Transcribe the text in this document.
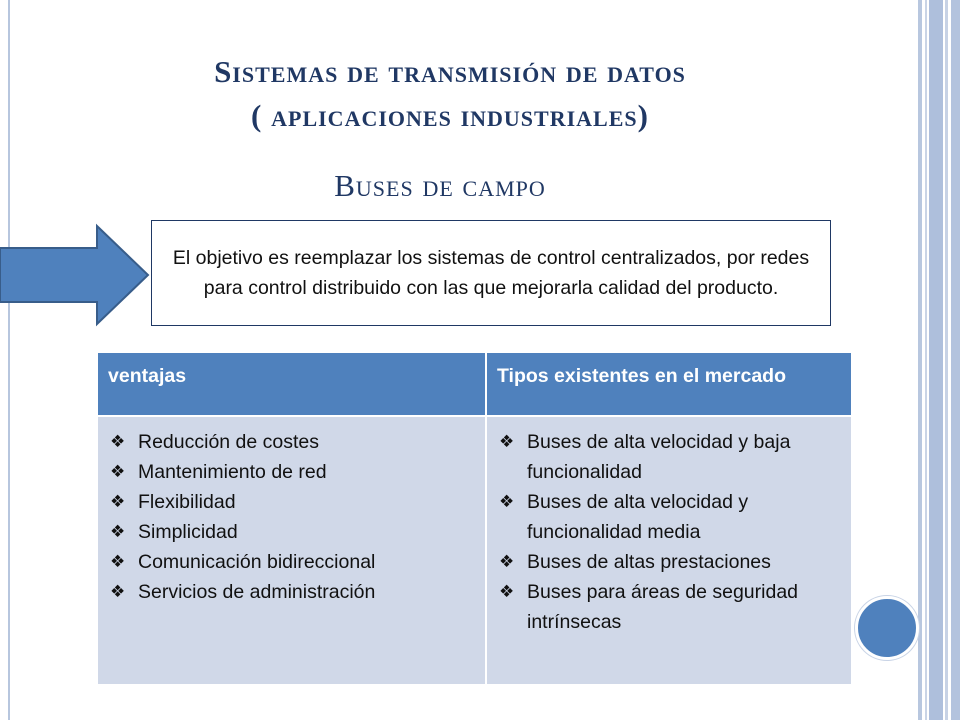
Sistemas de transmisión de datos
( aplicaciones industriales)
Buses de campo
El objetivo es reemplazar los sistemas de control centralizados, por redes para control distribuido con las que mejorarla calidad del producto.
ventajas	Tipos existentes en el mercado
❖ Reducción de costes
❖ Mantenimiento de red
❖ Flexibilidad
❖ Simplicidad
❖ Comunicación bidireccional
❖ Servicios de administración
❖ Buses de alta velocidad y baja funcionalidad
❖ Buses de alta velocidad y funcionalidad media
❖ Buses de altas prestaciones
❖ Buses para áreas de seguridad intrínsecas
